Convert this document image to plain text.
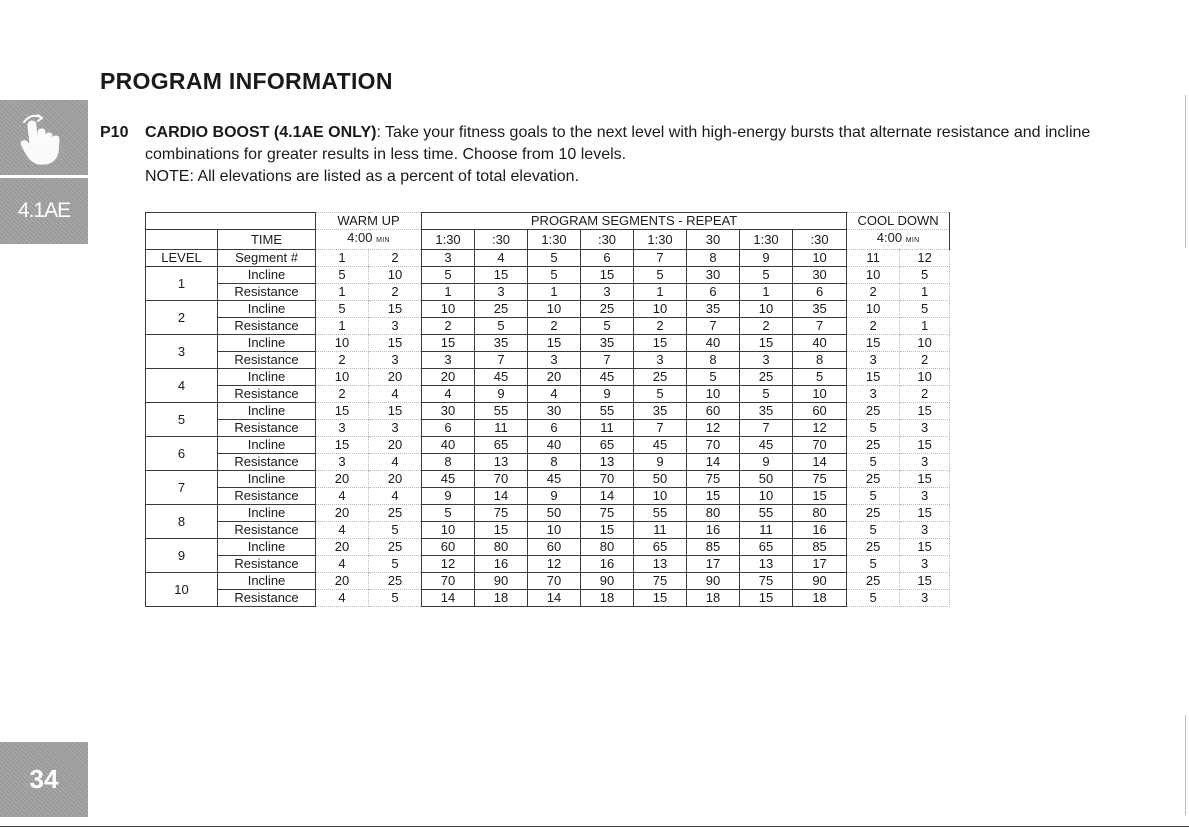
4.1AE
34
PROGRAM INFORMATION
P10 CARDIO BOOST (4.1AE ONLY): Take your fitness goals to the next level with high-energy bursts that alternate resistance and incline combinations for greater results in less time. Choose from 10 levels.
NOTE: All elevations are listed as a percent of total elevation.
		WARM UP		PROGRAM SEGMENTS - REPEAT								COOL DOWN	
	TIME	4:00 MIN		1:30	:30	1:30	:30	1:30	30	1:30	:30	4:00 MIN	
LEVEL	Segment #	1	2	3	4	5	6	7	8	9	10	11	12
1	Incline	5	10	5	15	5	15	5	30	5	30	10	5
	Resistance	1	2	1	3	1	3	1	6	1	6	2	1
2	Incline	5	15	10	25	10	25	10	35	10	35	10	5
	Resistance	1	3	2	5	2	5	2	7	2	7	2	1
3	Incline	10	15	15	35	15	35	15	40	15	40	15	10
	Resistance	2	3	3	7	3	7	3	8	3	8	3	2
4	Incline	10	20	20	45	20	45	25	5	25	5	15	10
	Resistance	2	4	4	9	4	9	5	10	5	10	3	2
5	Incline	15	15	30	55	30	55	35	60	35	60	25	15
	Resistance	3	3	6	11	6	11	7	12	7	12	5	3
6	Incline	15	20	40	65	40	65	45	70	45	70	25	15
	Resistance	3	4	8	13	8	13	9	14	9	14	5	3
7	Incline	20	20	45	70	45	70	50	75	50	75	25	15
	Resistance	4	4	9	14	9	14	10	15	10	15	5	3
8	Incline	20	25	5	75	50	75	55	80	55	80	25	15
	Resistance	4	5	10	15	10	15	11	16	11	16	5	3
9	Incline	20	25	60	80	60	80	65	85	65	85	25	15
	Resistance	4	5	12	16	12	16	13	17	13	17	5	3
10	Incline	20	25	70	90	70	90	75	90	75	90	25	15
	Resistance	4	5	14	18	14	18	15	18	15	18	5	3
